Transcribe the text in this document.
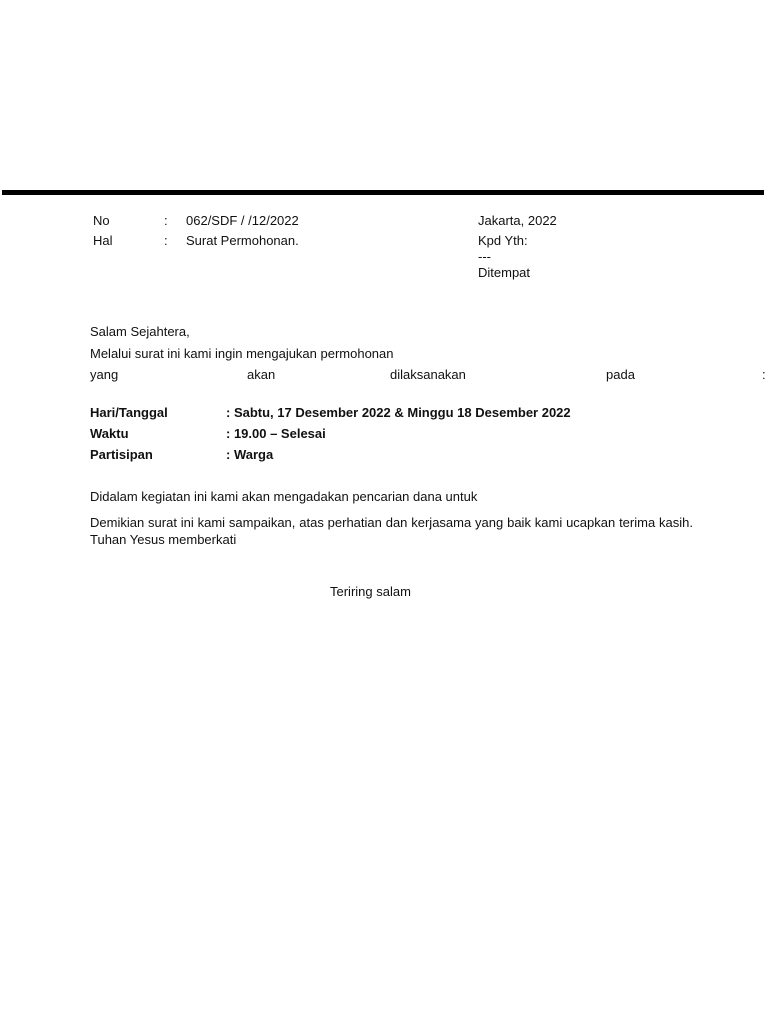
No	: 062/SDF / /12/2022
Hal	: Surat Permohonan.
Jakarta, 2022
Kpd Yth:
---
Ditempat
Salam Sejahtera,
Melalui surat ini kami ingin mengajukan permohonan
yang	akan	dilaksanakan	pada	:
Hari/Tanggal	: Sabtu, 17 Desember 2022 & Minggu 18 Desember 2022
Waktu	: 19.00 – Selesai
Partisipan	: Warga
Didalam kegiatan ini kami akan mengadakan pencarian dana untuk
Demikian surat ini kami sampaikan, atas perhatian dan kerjasama yang baik kami ucapkan terima kasih. Tuhan Yesus memberkati
Teriring salam
